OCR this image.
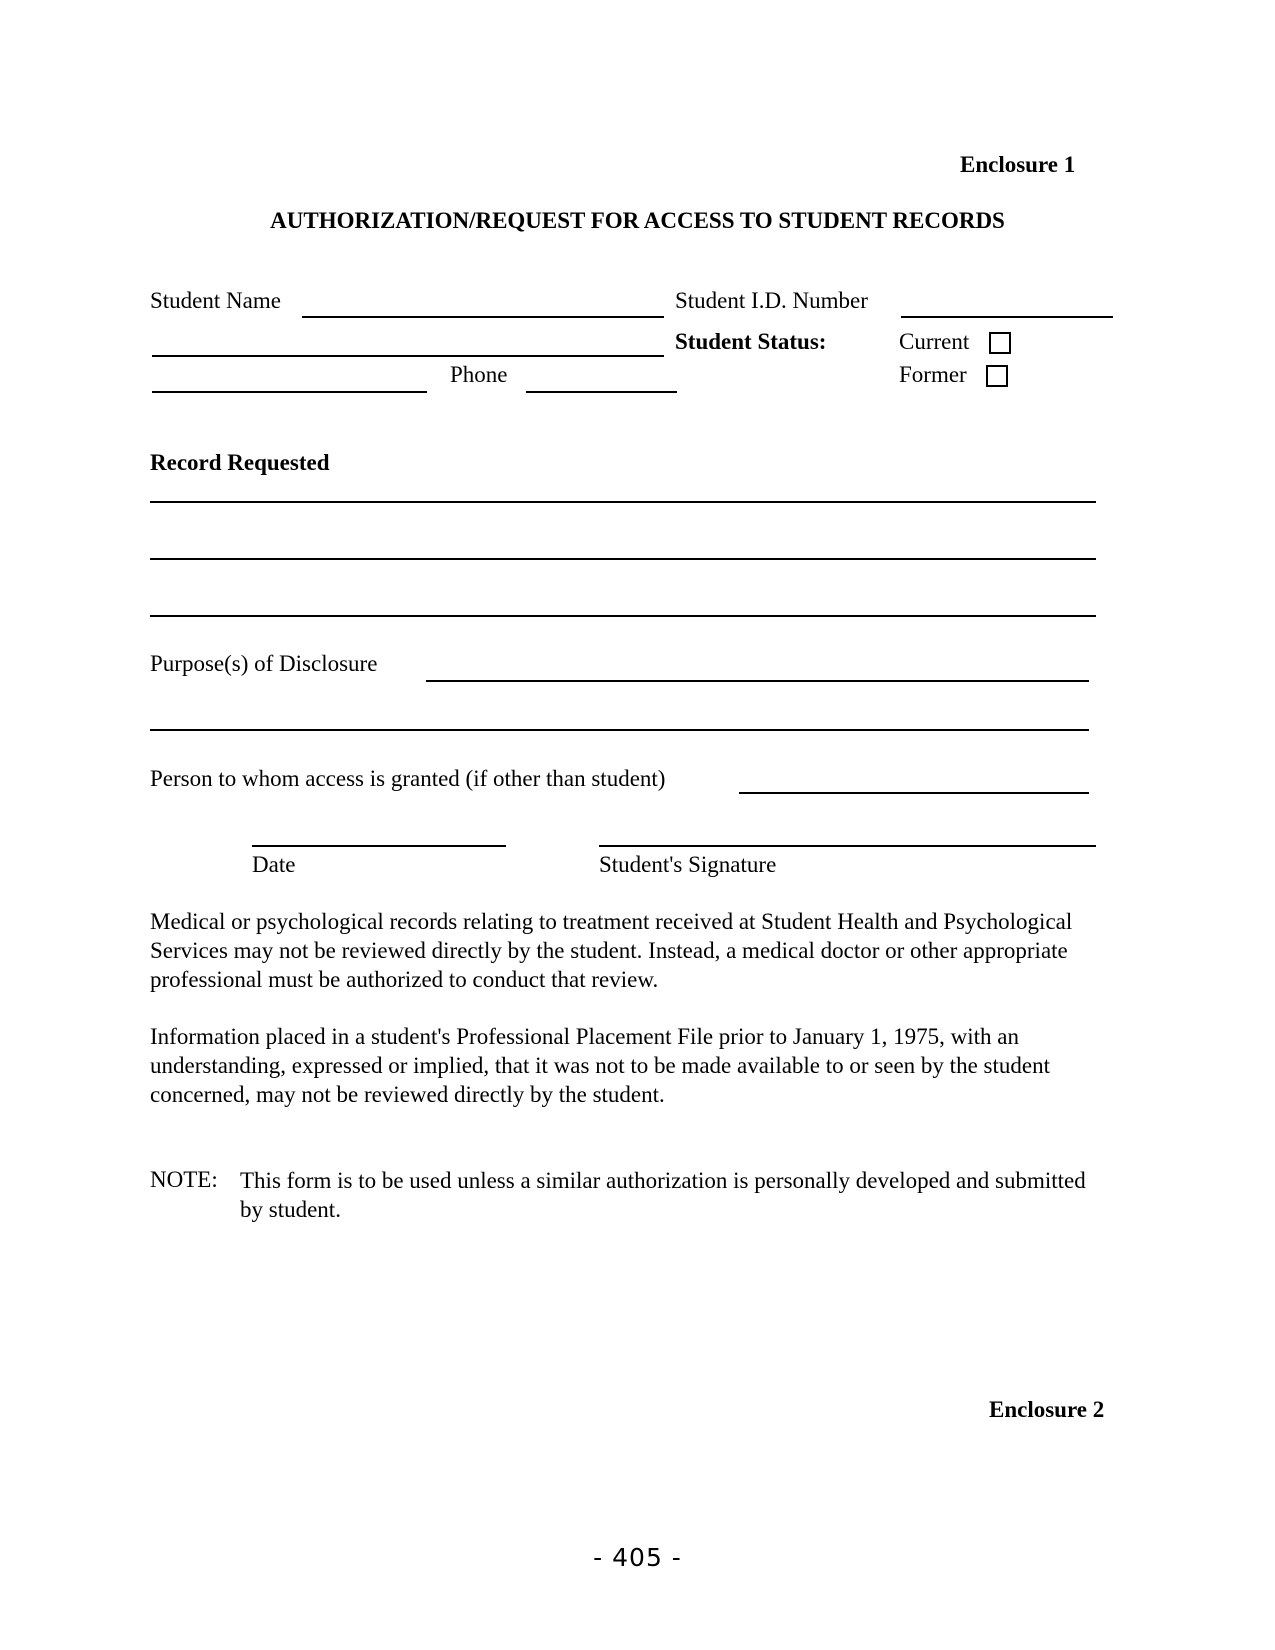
Enclosure 1
AUTHORIZATION/REQUEST FOR ACCESS TO STUDENT RECORDS
Student Name	Student I.D. Number
Student Status:	Current
Phone	Former
Record Requested
Purpose(s) of Disclosure
Person to whom access is granted (if other than student)
Date	Student's Signature
Medical or psychological records relating to treatment received at Student Health and Psychological Services may not be reviewed directly by the student. Instead, a medical doctor or other appropriate professional must be authorized to conduct that review.
Information placed in a student's Professional Placement File prior to January 1, 1975, with an understanding, expressed or implied, that it was not to be made available to or seen by the student concerned, may not be reviewed directly by the student.
NOTE: This form is to be used unless a similar authorization is personally developed and submitted by student.
Enclosure 2
- 405 -
